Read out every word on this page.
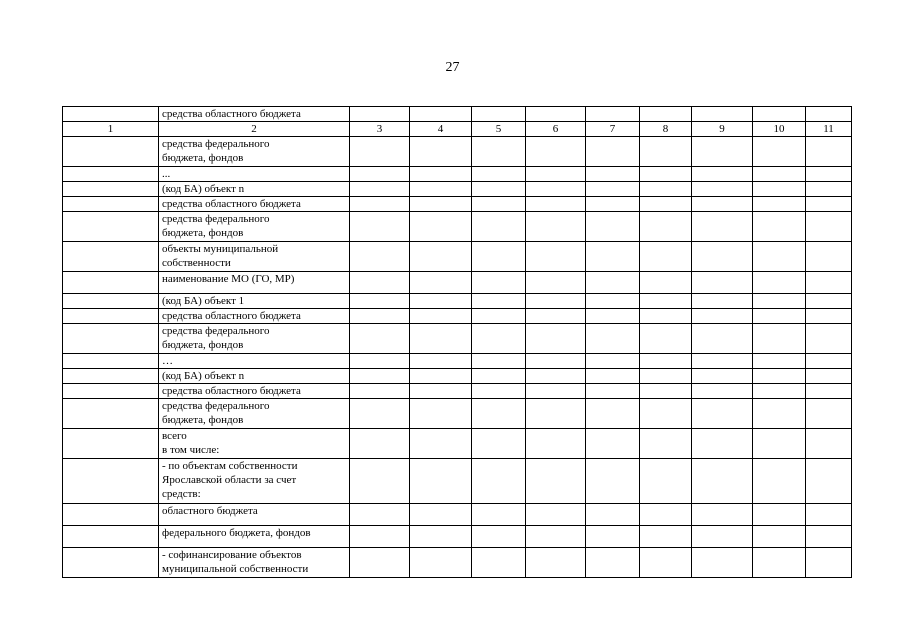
27
	средства областного бюджета									
1	2	3	4	5	6	7	8	9	10	11
	средства федерального
бюджета, фондов									
	...									
	(код БА) объект n									
	средства областного бюджета									
	средства федерального
бюджета, фондов									
	объекты муниципальной
собственности									
	наименование МО (ГО, МР)									
	(код БА) объект 1									
	средства областного бюджета									
	средства федерального
бюджета, фондов									
	…									
	(код БА) объект n									
	средства областного бюджета									
	средства федерального
бюджета, фондов									
	всего
в том числе:									
	- по объектам собственности
Ярославской области за счет
средств:									
	областного бюджета									
	федерального бюджета, фондов									
	- софинансирование объектов
муниципальной собственности									
